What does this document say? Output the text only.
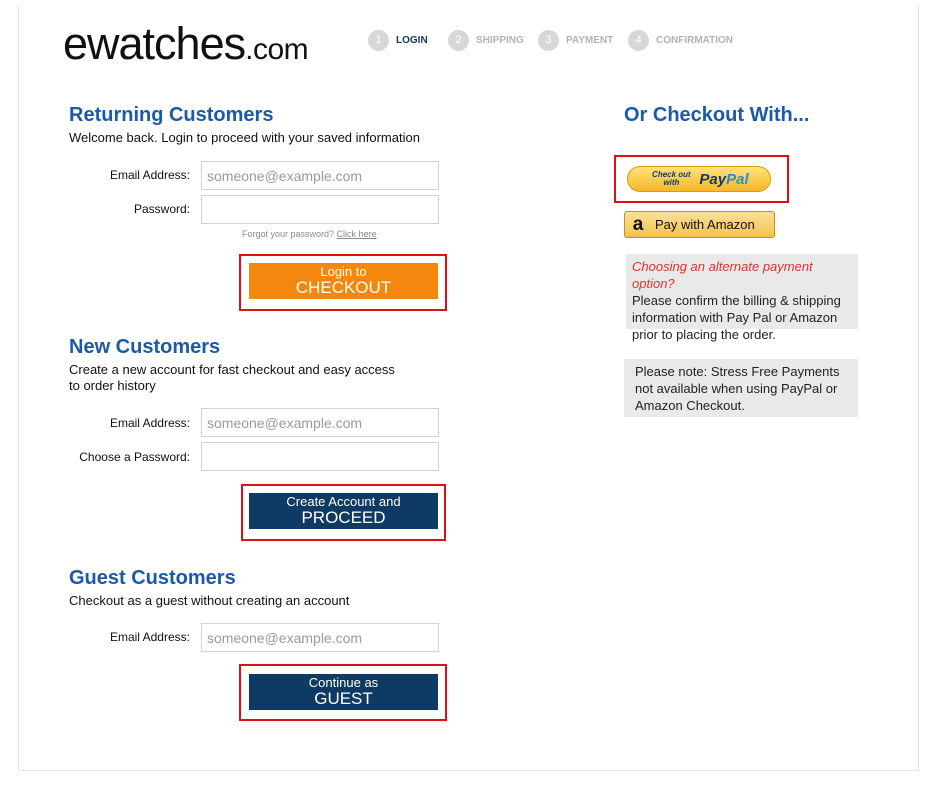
ewatches.com	1	LOGIN	2	SHIPPING	3	PAYMENT	4	CONFIRMATION
Returning Customers
Welcome back. Login to proceed with your saved information
Email Address:
someone@example.com
Password:
Forgot your password? Click here
Login to
CHECKOUT
New Customers
Create a new account for fast checkout and easy access to order history
Email Address:
someone@example.com
Choose a Password:
Create Account and
PROCEED
Guest Customers
Checkout as a guest without creating an account
Email Address:
someone@example.com
Continue as
GUEST
Or Checkout With...
Check out with	PayPal
a Pay with Amazon
Choosing an alternate payment option?
Please confirm the billing & shipping information with Pay Pal or Amazon prior to placing the order.
Please note: Stress Free Payments not available when using PayPal or Amazon Checkout.
